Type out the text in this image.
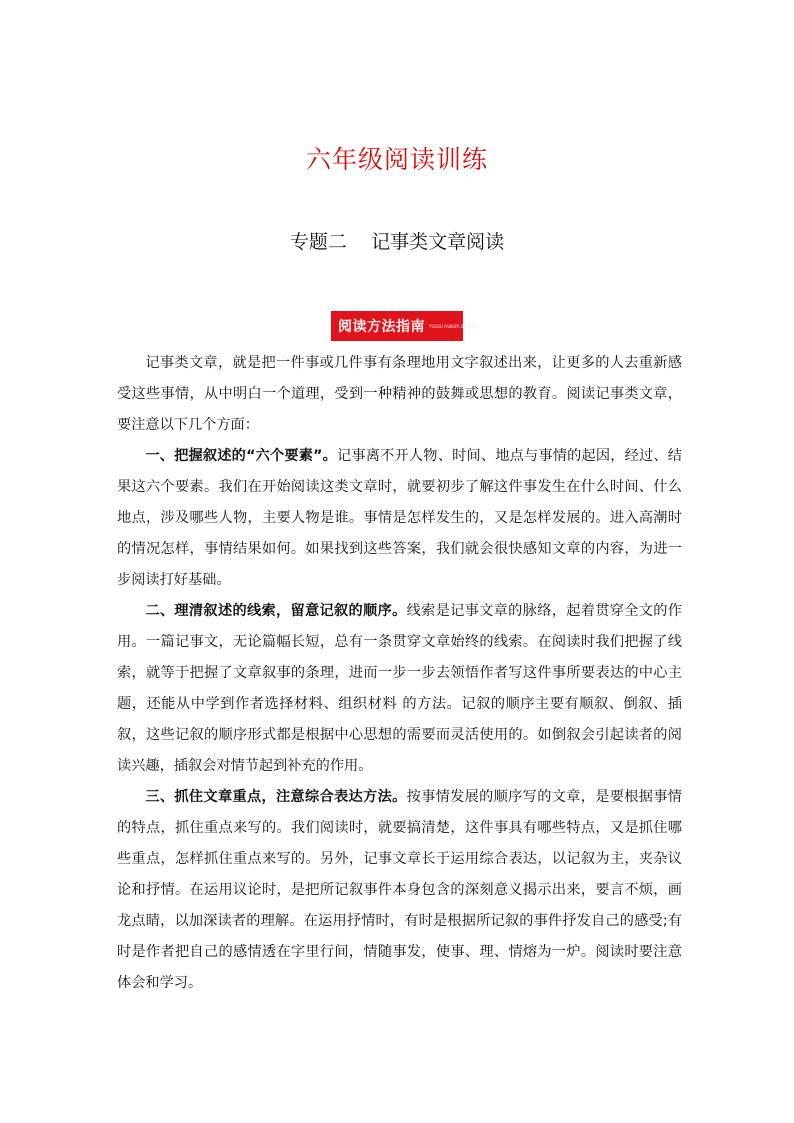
六年级阅读训练
专题二    记事类文章阅读
阅读方法指南 YUEDU FANGFA ZHINAN

记事类文章，就是把一件事或几件事有条理地用文字叙述出来，让更多的人去重新感受这些事情，从中明白一个道理，受到一种精神的鼓舞或思想的教育。阅读记事类文章，要注意以下几个方面：

一、把握叙述的“六个要素”。记事离不开人物、时间、地点与事情的起因，经过、结果这六个要素。我们在开始阅读这类文章时，就要初步了解这件事发生在什么时间、什么地点，涉及哪些人物，主要人物是谁。事情是怎样发生的，又是怎样发展的。进入高潮时的情况怎样，事情结果如何。如果找到这些答案，我们就会很快感知文章的内容，为进一步阅读打好基础。

二、理清叙述的线索，留意记叙的顺序。线索是记事文章的脉络，起着贯穿全文的作用。一篇记事文，无论篇幅长短，总有一条贯穿文章始终的线索。在阅读时我们把握了线索，就等于把握了文章叙事的条理，进而一步一步去领悟作者写这件事所要表达的中心主题，还能从中学到作者选择材料、组织材料 的方法。记叙的顺序主要有顺叙、倒叙、插叙，这些记叙的顺序形式都是根据中心思想的需要而灵活使用的。如倒叙会引起读者的阅读兴趣，插叙会对情节起到补充的作用。

三、抓住文章重点，注意综合表达方法。按事情发展的顺序写的文章，是要根据事情的特点，抓住重点来写的。我们阅读时，就要搞清楚，这件事具有哪些特点，又是抓住哪些重点，怎样抓住重点来写的。另外，记事文章长于运用综合表达，以记叙为主，夹杂议论和抒情。在运用议论时，是把所记叙事件本身包含的深刻意义揭示出来，要言不烦，画龙点睛，以加深读者的理解。在运用抒情时，有时是根据所记叙的事件抒发自己的感受;有时是作者把自己的感情透在字里行间，情随事发，使事、理、情熔为一炉。阅读时要注意体会和学习。
